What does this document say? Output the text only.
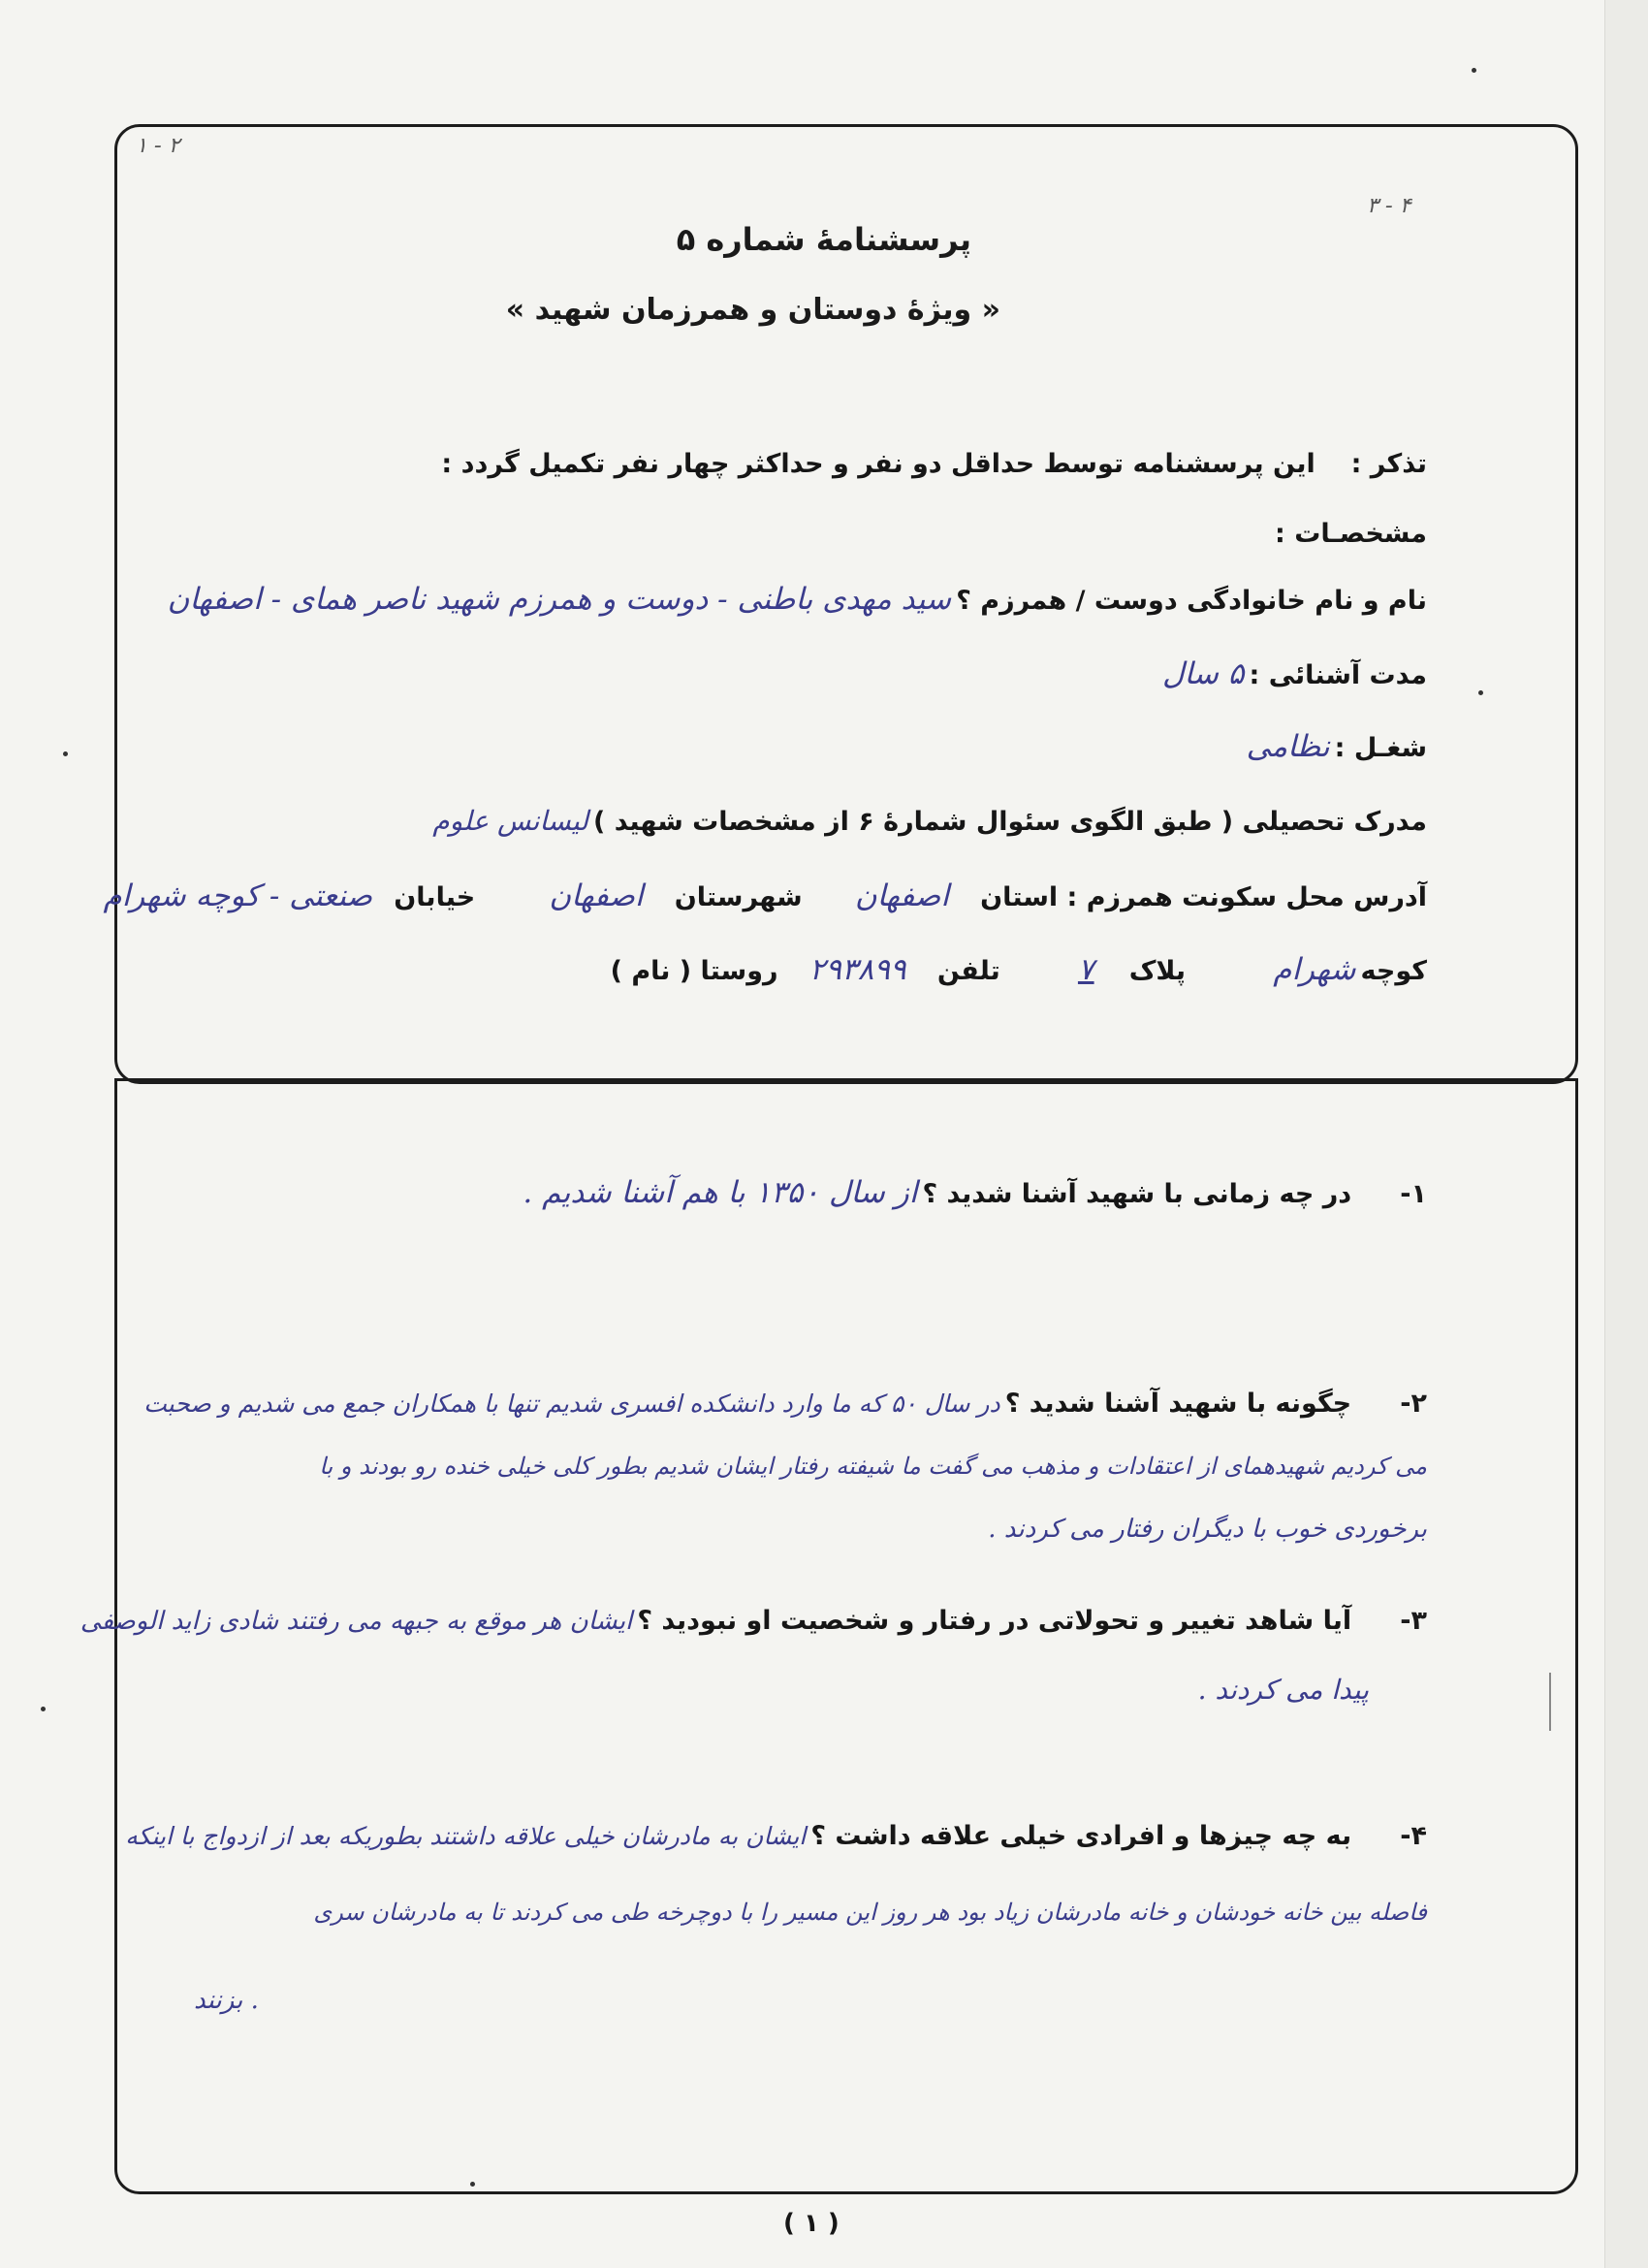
۱ - ۲
۳ - ۴
پرسشنامهٔ شماره ۵
« ویژهٔ دوستان و همرزمان شهید »
تذکر :  این پرسشنامه توسط حداقل دو نفر و حداکثر چهار نفر تکمیل گردد :
مشخصـات :
نام و نام خانوادگی دوست / همرزم ؟ سید مهدی باطنی - دوست و همرزم شهید ناصر همای - اصفهان
مدت آشنائی : ۵ سال
شغـل : نظامی
مدرک تحصیلی ( طبق الگوی سئوال شمارهٔ ۶ از مشخصات شهید ) لیسانس علوم
آدرس محل سکونت همرزم : استان  اصفهان  شهرستان  اصفهان  خیابان  صنعتی - کوچه شهرام
کوچه شهرام  پلاک  ۷  تلفن  ۲۹۳۸۹۹  روستا ( نام )
۱-  در چه زمانی با شهید آشنا شدید ؟ از سال ۱۳۵۰ با هم آشنا شدیم .
۲-  چگونه با شهید آشنا شدید ؟ در سال ۵۰ که ما وارد دانشکده افسری شدیم تنها با همکاران جمع می شدیم و صحبت
می کردیم شهیدهمای از اعتقادات و مذهب می گفت ما شیفته رفتار ایشان شدیم بطور کلی خیلی خنده رو بودند و با
برخوردی خوب با دیگران رفتار می کردند .
۳-  آیا شاهد تغییر و تحولاتی در رفتار و شخصیت او نبودید ؟ ایشان هر موقع به جبهه می رفتند شادی زاید الوصفی
پیدا می کردند .
۴-  به چه چیزها و افرادی خیلی علاقه داشت ؟ ایشان به مادرشان خیلی علاقه داشتند بطوریکه بعد از ازدواج با اینکه
فاصله بین خانه خودشان و خانه مادرشان زیاد بود هر روز این مسیر را با دوچرخه طی می کردند تا به مادرشان سری
بزنند .
( ۱ )
